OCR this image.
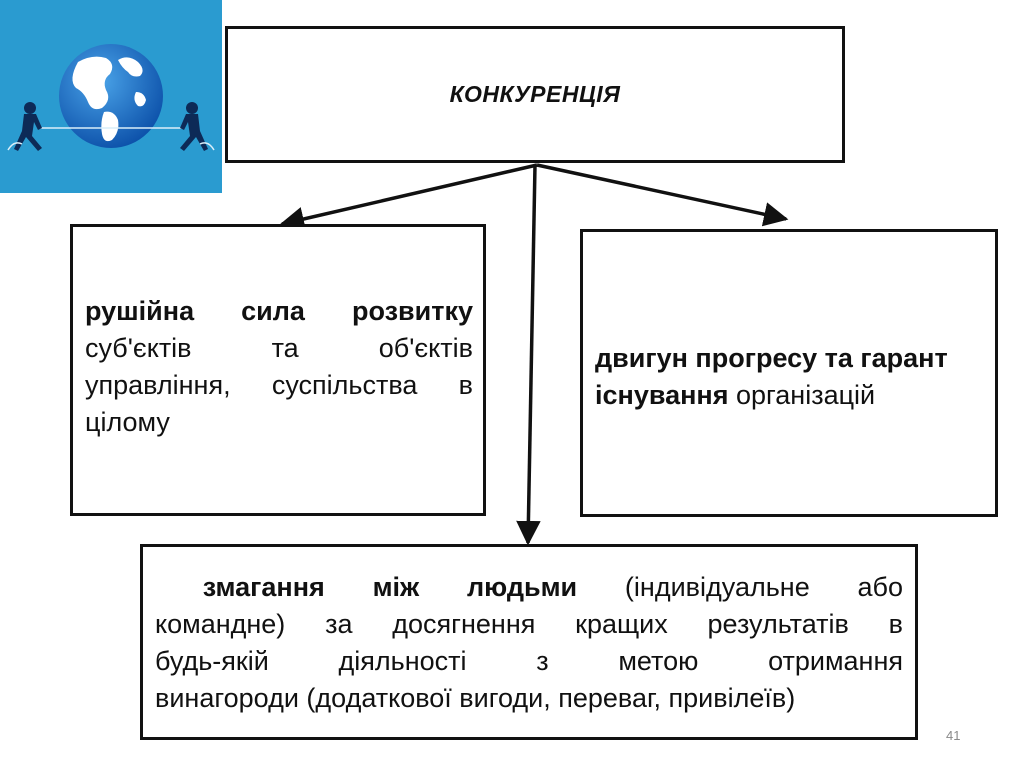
КОНКУРЕНЦІЯ

рушійна сила розвитку
суб'єктів та об'єктів
управління, суспільства в
цілому

двигун прогресу та гарант
існування організацій

змагання між людьми (індивідуальне або
командне) за досягнення кращих результатів в
будь-якій діяльності з метою отримання
винагороди (додаткової вигоди, переваг, привілеїв)

41
